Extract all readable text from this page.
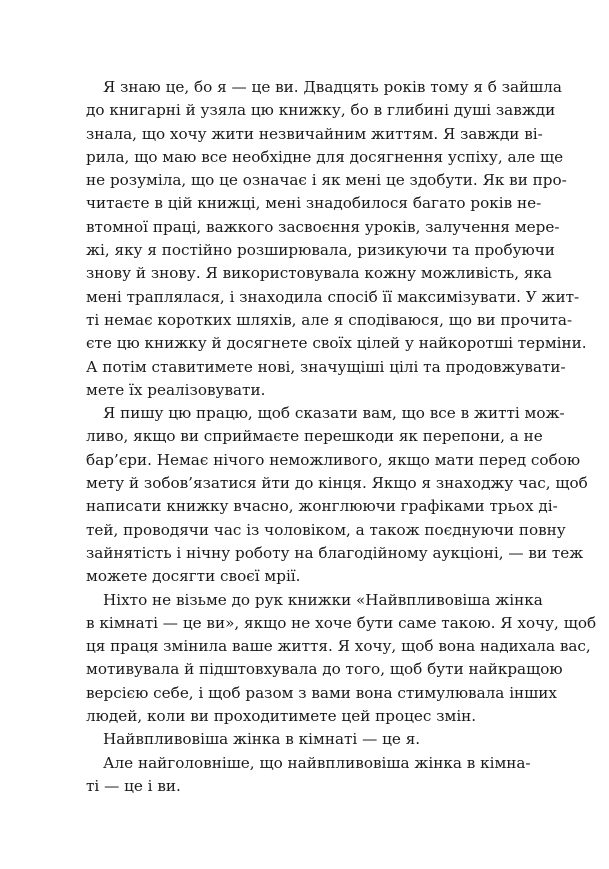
Я знаю це, бо я — це ви. Двадцять років тому я б зайшла
до книгарні й узяла цю книжку, бо в глибині душі завжди
знала, що хочу жити незвичайним життям. Я завжди ві-
рила, що маю все необхідне для досягнення успіху, але ще
не розуміла, що це означає і як мені це здобути. Як ви про-
читаєте в цій книжці, мені знадобилося багато років не-
втомної праці, важкого засвоєння уроків, залучення мере-
жі, яку я постійно розширювала, ризикуючи та пробуючи
знову й знову. Я використовувала кожну можливість, яка
мені траплялася, і знаходила спосіб її максимізувати. У жит-
ті немає коротких шляхів, але я сподіваюся, що ви прочита-
єте цю книжку й досягнете своїх цілей у найкоротші терміни.
А потім ставитимете нові, значущіші цілі та продовжувати-
мете їх реалізовувати.
Я пишу цю працю, щоб сказати вам, що все в житті мож-
ливо, якщо ви сприймаєте перешкоди як перепони, а не
бар’єри. Немає нічого неможливого, якщо мати перед собою
мету й зобов’язатися йти до кінця. Якщо я знаходжу час, щоб
написати книжку вчасно, жонглюючи графіками трьох ді-
тей, проводячи час із чоловіком, а також поєднуючи повну
зайнятість і нічну роботу на благодійному аукціоні, — ви теж
можете досягти своєї мрії.
Ніхто не візьме до рук книжки «Найвпливовіша жінка
в кімнаті — це ви», якщо не хоче бути саме такою. Я хочу, щоб
ця праця змінила ваше життя. Я хочу, щоб вона надихала вас,
мотивувала й підштовхувала до того, щоб бути найкращою
версією себе, і щоб разом з вами вона стимулювала інших
людей, коли ви проходитимете цей процес змін.
Найвпливовіша жінка в кімнаті — це я.
Але найголовніше, що найвпливовіша жінка в кімна-
ті — це і ви.
